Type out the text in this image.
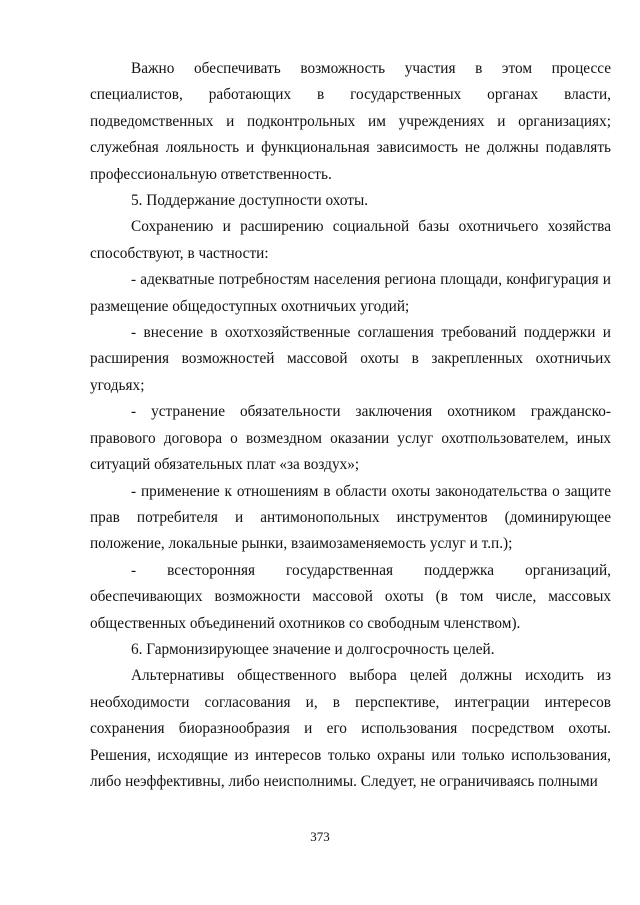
Важно обеспечивать возможность участия в этом процессе специалистов, работающих в государственных органах власти, подведомственных и подконтрольных им учреждениях и организациях; служебная лояльность и функциональная зависимость не должны подавлять профессиональную ответственность.

5. Поддержание доступности охоты.

Сохранению и расширению социальной базы охотничьего хозяйства способствуют, в частности:

- адекватные потребностям населения региона площади, конфигурация и размещение общедоступных охотничьих угодий;

- внесение в охотхозяйственные соглашения требований поддержки и расширения возможностей массовой охоты в закрепленных охотничьих угодьях;

- устранение обязательности заключения охотником гражданско-правового договора о возмездном оказании услуг охотпользователем, иных ситуаций обязательных плат «за воздух»;

- применение к отношениям в области охоты законодательства о защите прав потребителя и антимонопольных инструментов (доминирующее положение, локальные рынки, взаимозаменяемость услуг и т.п.);

- всесторонняя государственная поддержка организаций, обеспечивающих возможности массовой охоты (в том числе, массовых общественных объединений охотников со свободным членством).

6. Гармонизирующее значение и долгосрочность целей.

Альтернативы общественного выбора целей должны исходить из необходимости согласования и, в перспективе, интеграции интересов сохранения биоразнообразия и его использования посредством охоты. Решения, исходящие из интересов только охраны или только использования, либо неэффективны, либо неисполнимы. Следует, не ограничиваясь полными

373
